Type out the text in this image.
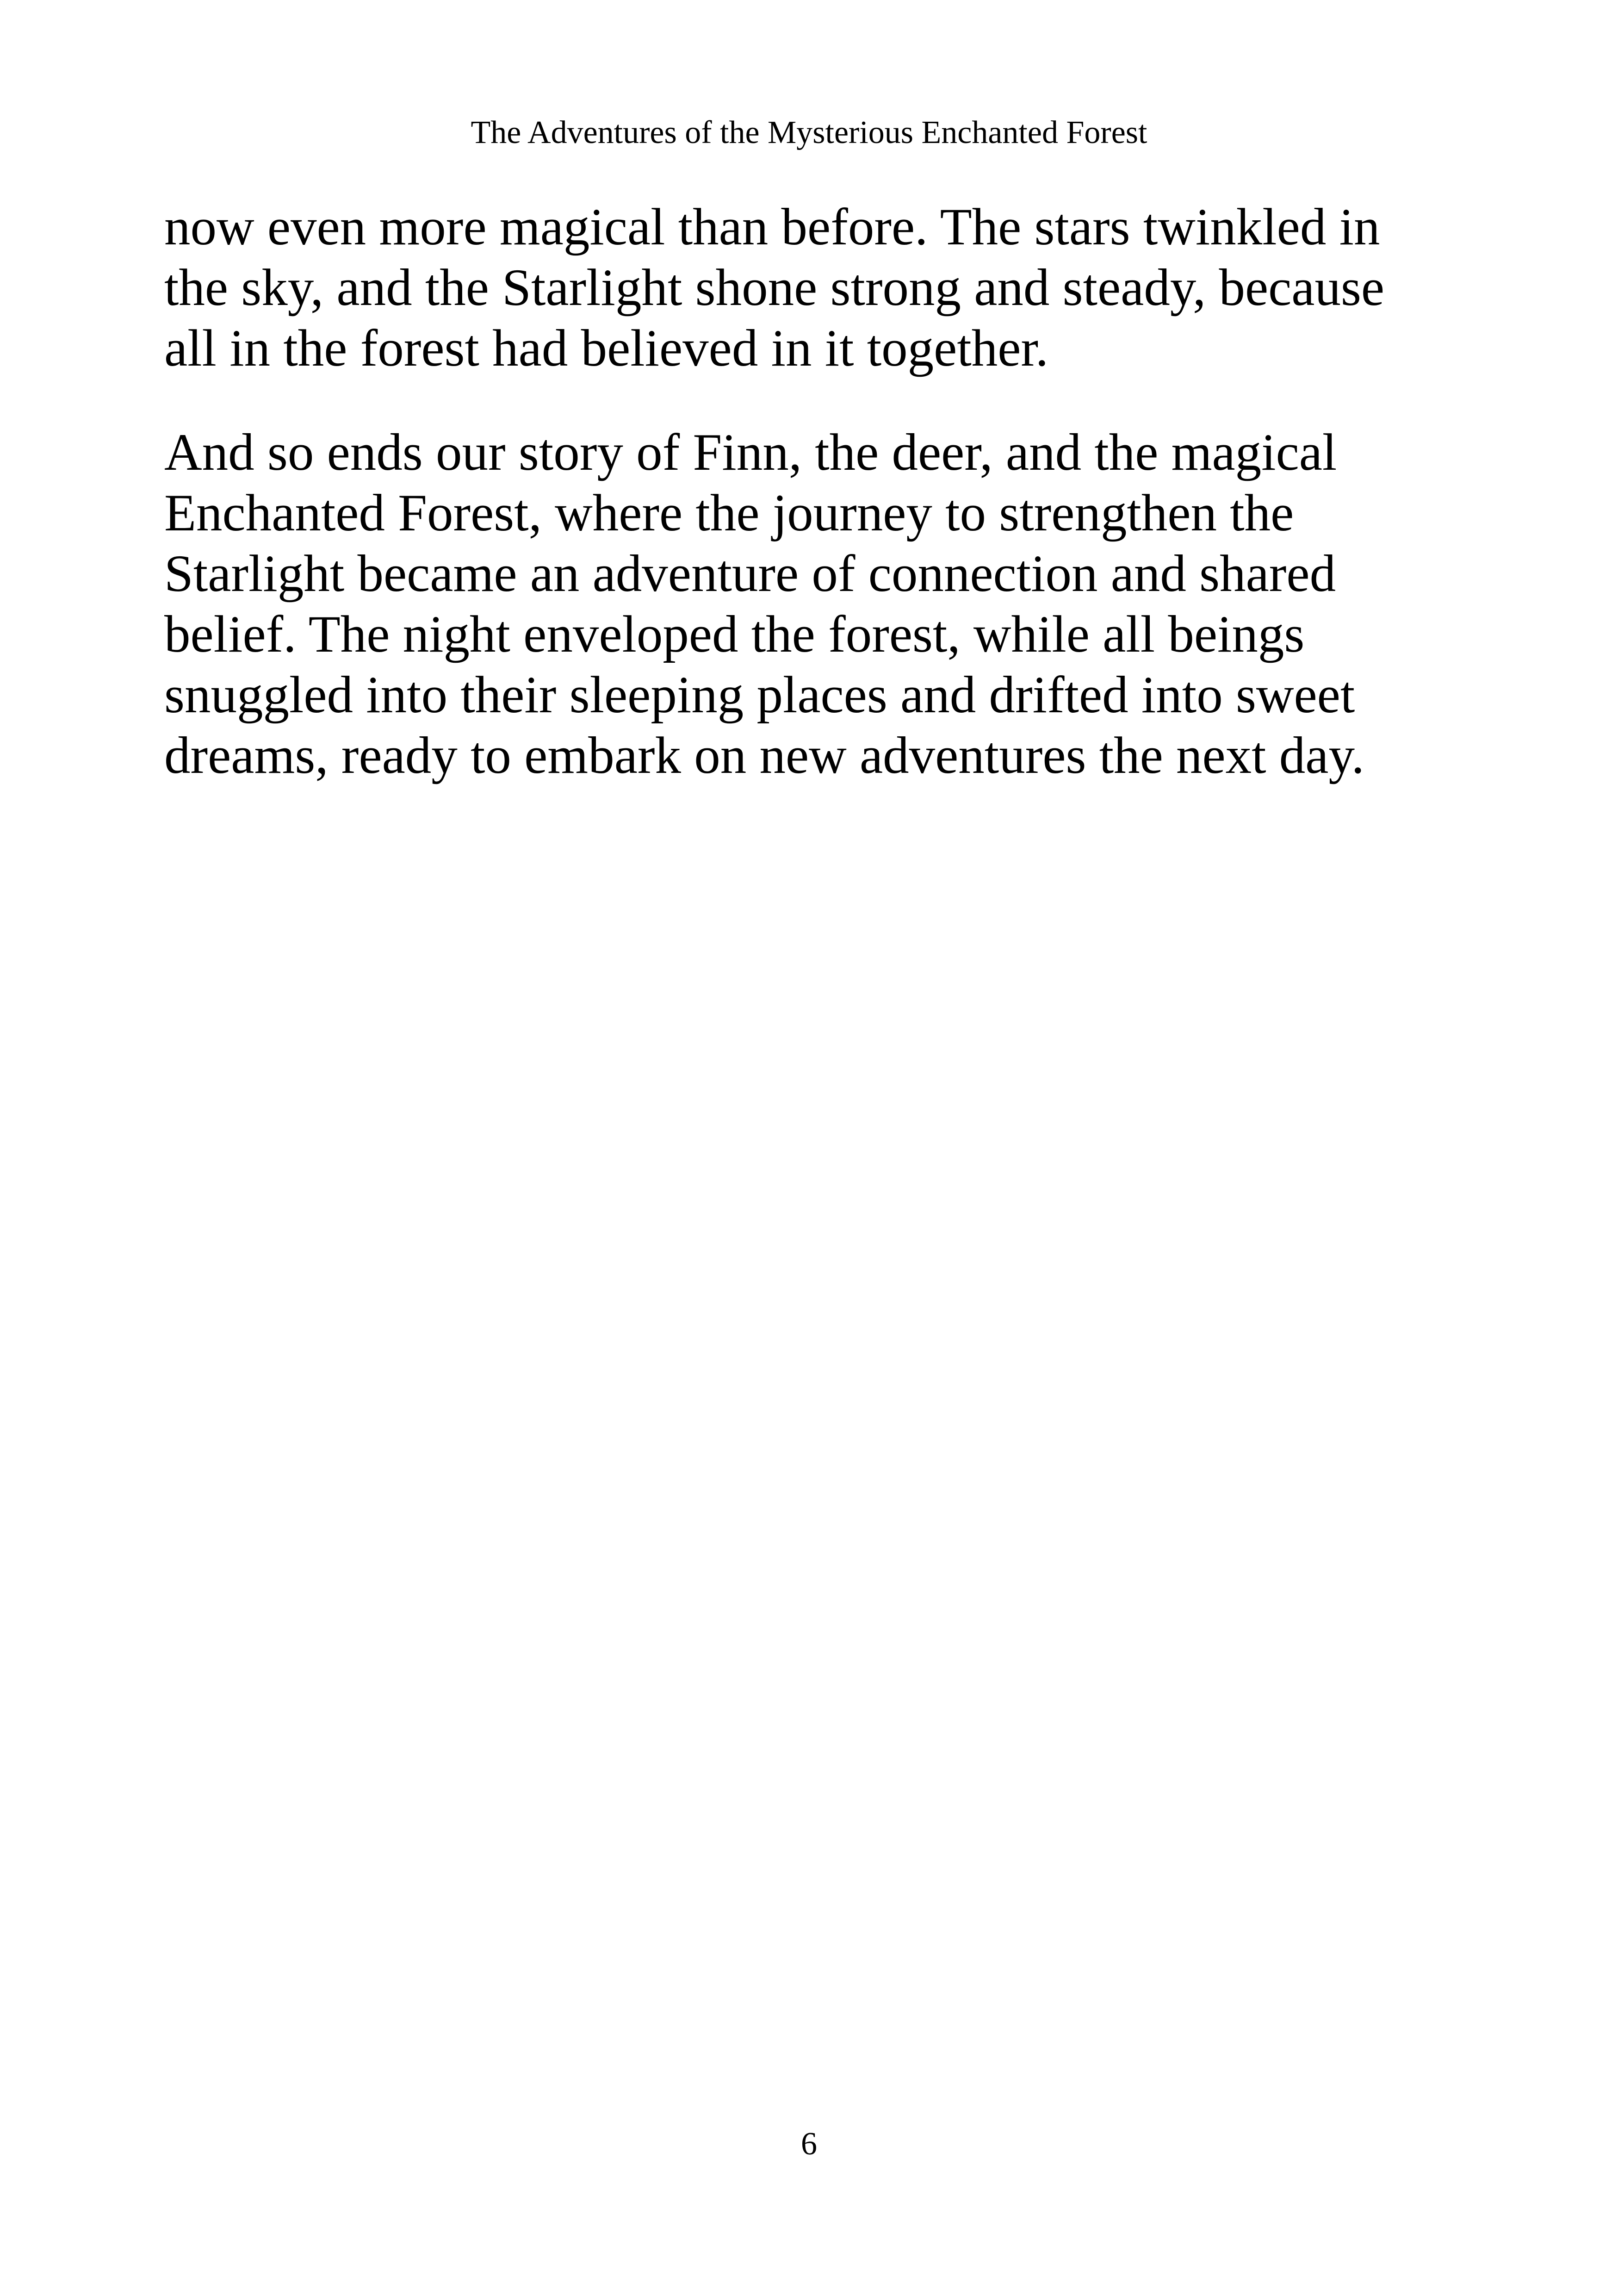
The Adventures of the Mysterious Enchanted Forest

now even more magical than before. The stars twinkled in
the sky, and the Starlight shone strong and steady, because
all in the forest had believed in it together.

And so ends our story of Finn, the deer, and the magical
Enchanted Forest, where the journey to strengthen the
Starlight became an adventure of connection and shared
belief. The night enveloped the forest, while all beings
snuggled into their sleeping places and drifted into sweet
dreams, ready to embark on new adventures the next day.

6
